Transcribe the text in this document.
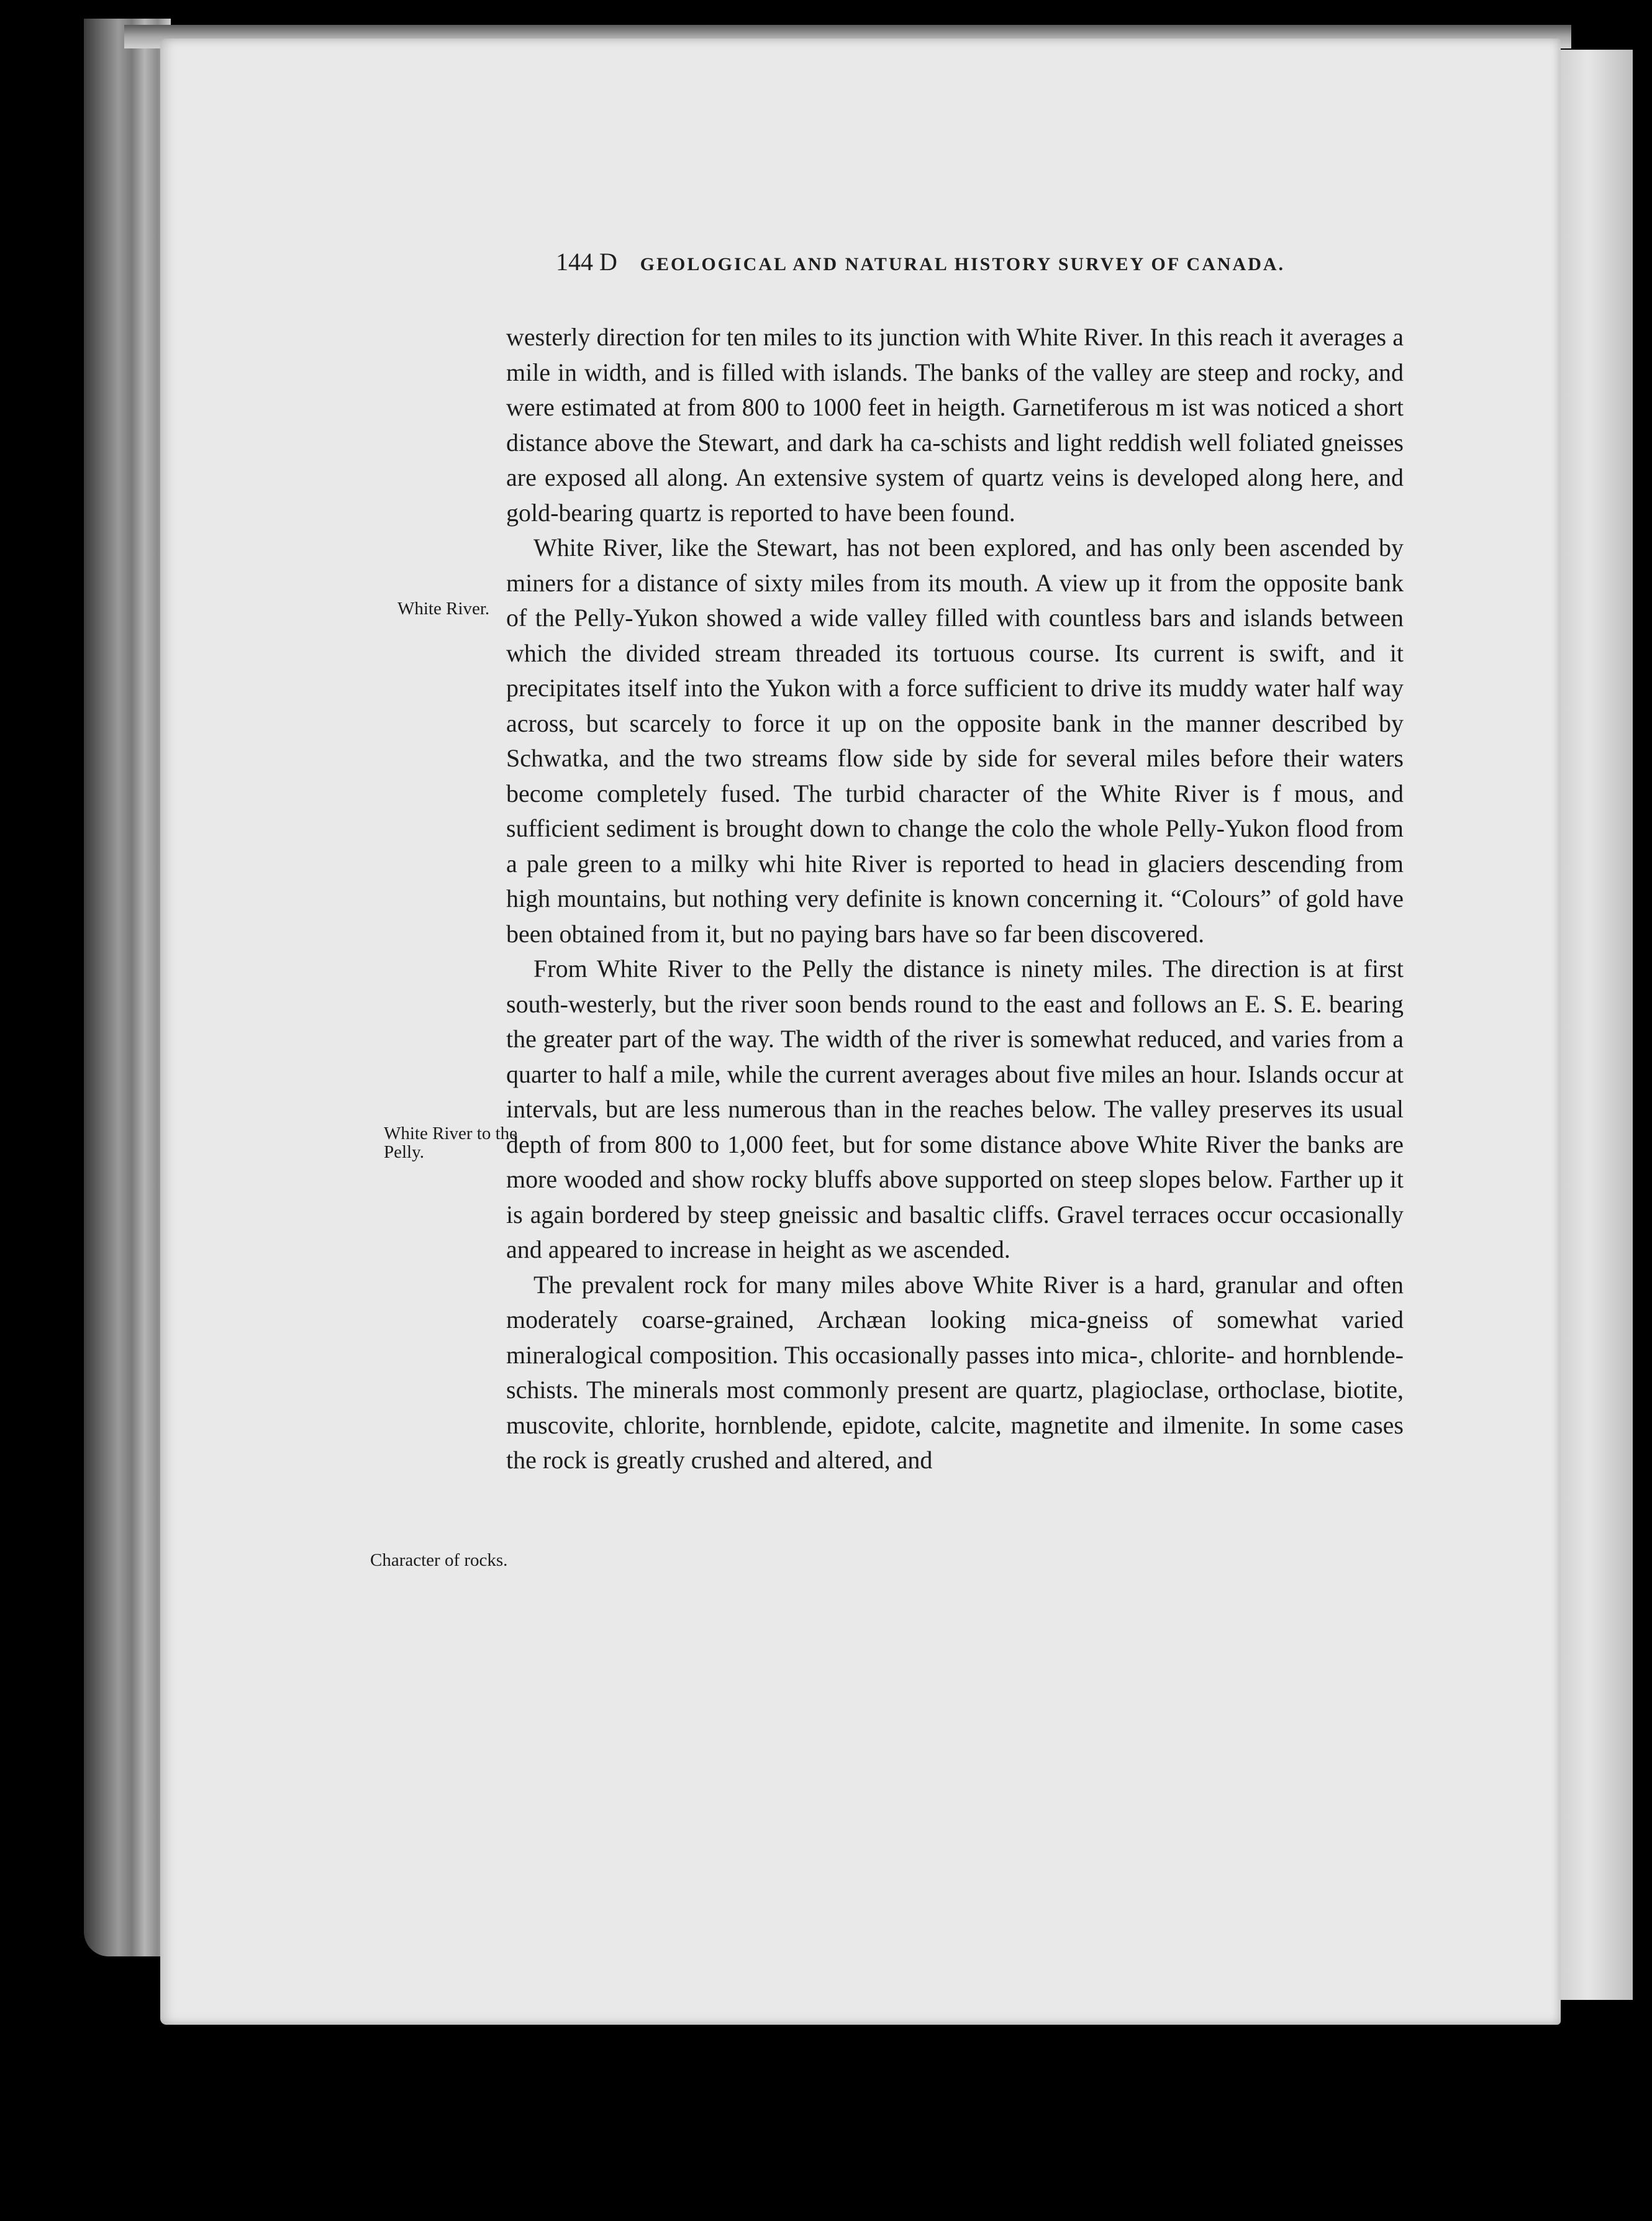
144 D GEOLOGICAL AND NATURAL HISTORY SURVEY OF CANADA.
White River.
White River to the Pelly.
Character of rocks.

westerly direction for ten miles to its junction with White River. In this reach it averages a mile in width, and is filled with islands. The banks of the valley are steep and rocky, and were estimated at from 800 to 1000 feet in heigth. Garnetiferous m ist was noticed a short distance above the Stewart, and dark ha ca-schists and light reddish well foliated gneisses are exposed all along. An extensive system of quartz veins is developed along here, and gold-bearing quartz is reported to have been found.

White River, like the Stewart, has not been explored, and has only been ascended by miners for a distance of sixty miles from its mouth. A view up it from the opposite bank of the Pelly-Yukon showed a wide valley filled with countless bars and islands between which the divided stream threaded its tortuous course. Its current is swift, and it precipitates itself into the Yukon with a force sufficient to drive its muddy water half way across, but scarcely to force it up on the opposite bank in the manner described by Schwatka, and the two streams flow side by side for several miles before their waters become completely fused. The turbid character of the White River is f mous, and sufficient sediment is brought down to change the colo the whole Pelly-Yukon flood from a pale green to a milky whi hite River is reported to head in glaciers descending from high mountains, but nothing very definite is known concerning it. “Colours” of gold have been obtained from it, but no paying bars have so far been discovered.

From White River to the Pelly the distance is ninety miles. The direction is at first south-westerly, but the river soon bends round to the east and follows an E. S. E. bearing the greater part of the way. The width of the river is somewhat reduced, and varies from a quarter to half a mile, while the current averages about five miles an hour. Islands occur at intervals, but are less numerous than in the reaches below. The valley preserves its usual depth of from 800 to 1,000 feet, but for some distance above White River the banks are more wooded and show rocky bluffs above supported on steep slopes below. Farther up it is again bordered by steep gneissic and basaltic cliffs. Gravel terraces occur occasionally and appeared to increase in height as we ascended.

The prevalent rock for many miles above White River is a hard, granular and often moderately coarse-grained, Archæan looking mica-gneiss of somewhat varied mineralogical composition. This occasionally passes into mica-, chlorite- and hornblende-schists. The minerals most commonly present are quartz, plagioclase, orthoclase, biotite, muscovite, chlorite, hornblende, epidote, calcite, magnetite and ilmenite. In some cases the rock is greatly crushed and altered, and
